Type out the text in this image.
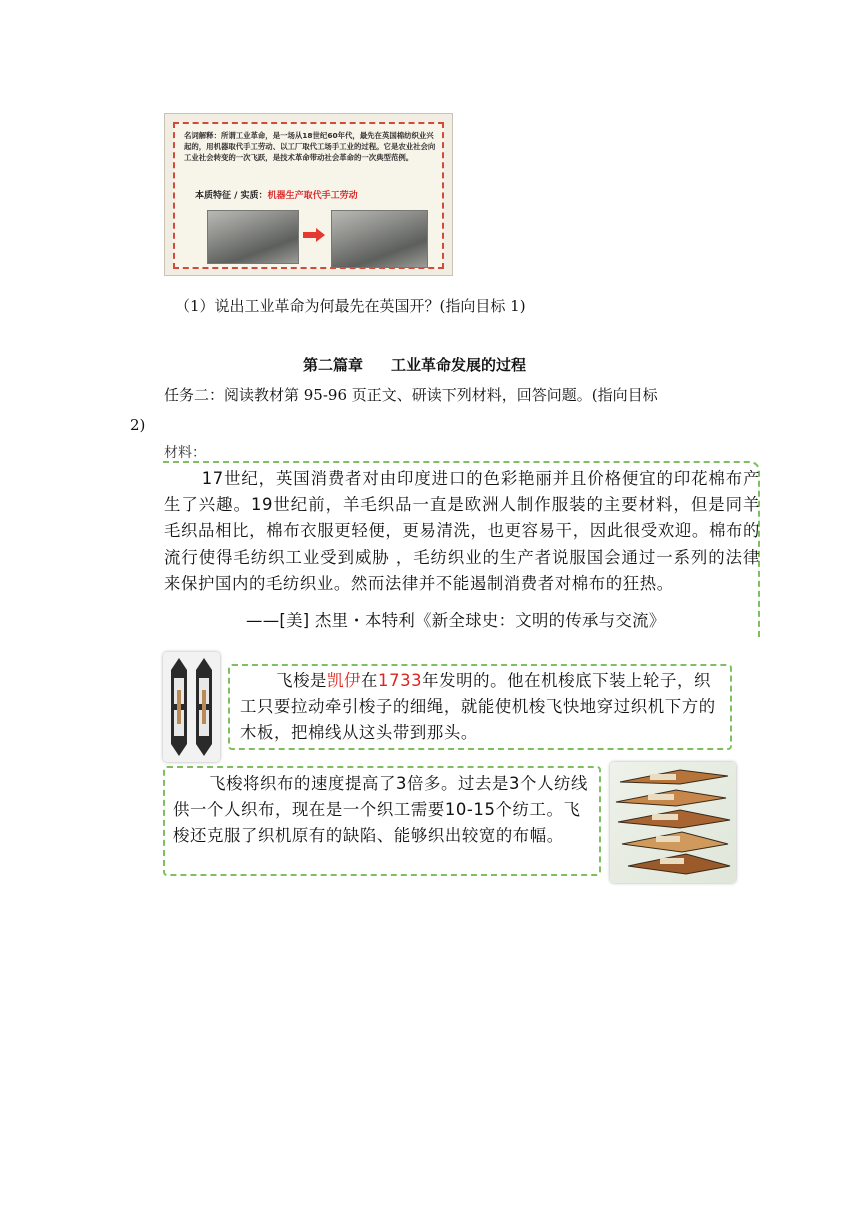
名词解释：所谓工业革命，是一场从18世纪60年代，最先在英国棉纺织业兴起的，用机器取代手工劳动、以工厂取代工场手工业的过程。它是农业社会向工业社会转变的一次飞跃，是技术革命带动社会革命的一次典型范例。
本质特征 / 实质：机器生产取代手工劳动
（1）说出工业革命为何最先在英国开？(指向目标 1)
第二篇章 工业革命发展的过程
任务二：阅读教材第 95-96 页正文、研读下列材料，回答问题。(指向目标
2)
材料：
17世纪，英国消费者对由印度进口的色彩艳丽并且价格便宜的印花棉布产生了兴趣。19世纪前，羊毛织品一直是欧洲人制作服装的主要材料，但是同羊毛织品相比，棉布衣服更轻便，更易清洗，也更容易干，因此很受欢迎。棉布的流行使得毛纺织工业受到威胁 ，毛纺织业的生产者说服国会通过一系列的法律来保护国内的毛纺织业。然而法律并不能遏制消费者对棉布的狂热。
——[美] 杰里・本特利《新全球史：文明的传承与交流》
飞梭是凯伊在1733年发明的。他在机梭底下装上轮子，织工只要拉动牵引梭子的细绳，就能使机梭飞快地穿过织机下方的木板，把棉线从这头带到那头。
飞梭将织布的速度提高了3倍多。过去是3个人纺线供一个人织布，现在是一个织工需要10-15个纺工。飞梭还克服了织机原有的缺陷、能够织出较宽的布幅。
